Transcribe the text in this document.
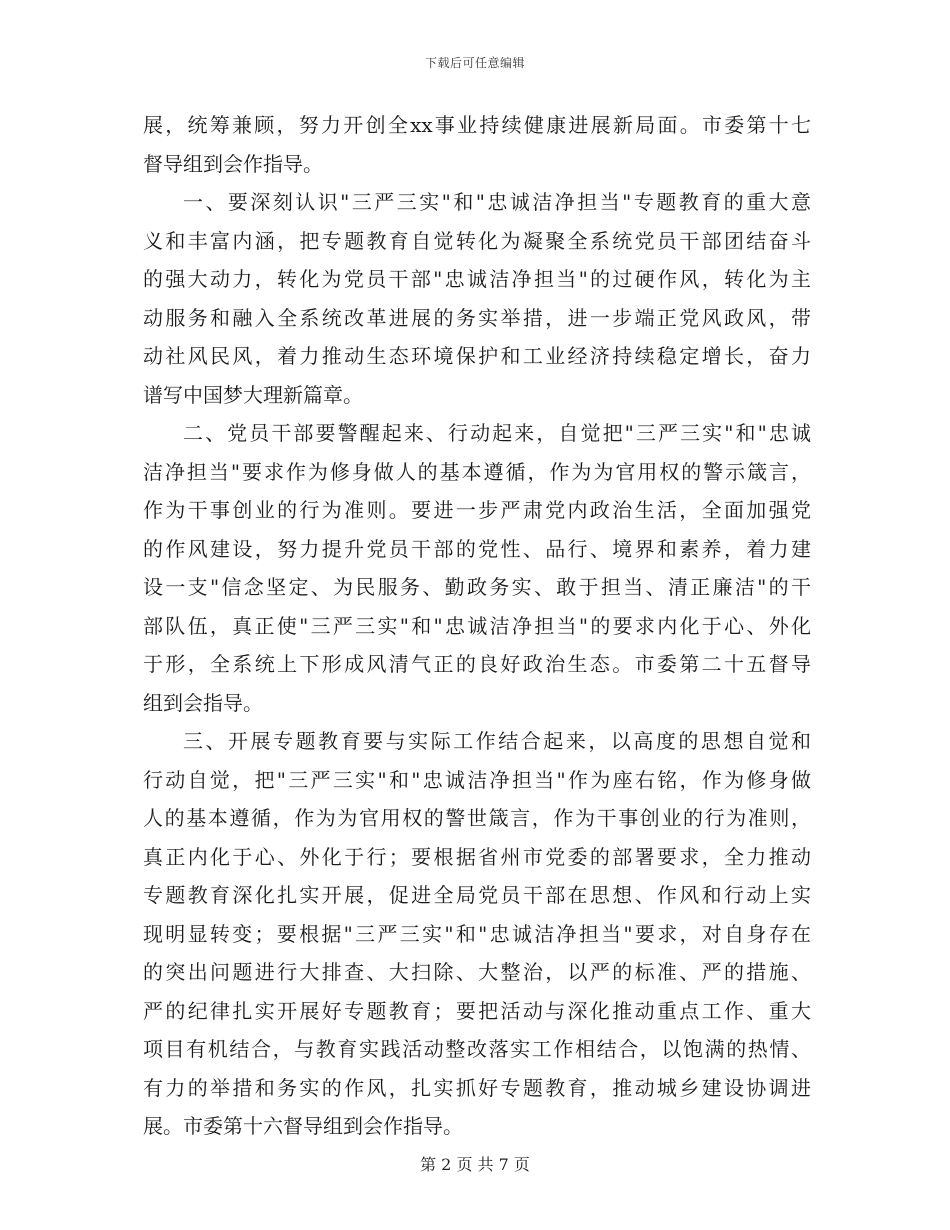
下载后可任意编辑
展，统筹兼顾，努力开创全xx事业持续健康进展新局面。市委第十七
督导组到会作指导。
一、要深刻认识"三严三实"和"忠诚洁净担当"专题教育的重大意
义和丰富内涵，把专题教育自觉转化为凝聚全系统党员干部团结奋斗
的强大动力，转化为党员干部"忠诚洁净担当"的过硬作风，转化为主
动服务和融入全系统改革进展的务实举措，进一步端正党风政风，带
动社风民风，着力推动生态环境保护和工业经济持续稳定增长，奋力
谱写中国梦大理新篇章。
二、党员干部要警醒起来、行动起来，自觉把"三严三实"和"忠诚
洁净担当"要求作为修身做人的基本遵循，作为为官用权的警示箴言，
作为干事创业的行为准则。要进一步严肃党内政治生活，全面加强党
的作风建设，努力提升党员干部的党性、品行、境界和素养，着力建
设一支"信念坚定、为民服务、勤政务实、敢于担当、清正廉洁"的干
部队伍，真正使"三严三实"和"忠诚洁净担当"的要求内化于心、外化
于形，全系统上下形成风清气正的良好政治生态。市委第二十五督导
组到会指导。
三、开展专题教育要与实际工作结合起来，以高度的思想自觉和
行动自觉，把"三严三实"和"忠诚洁净担当"作为座右铭，作为修身做
人的基本遵循，作为为官用权的警世箴言，作为干事创业的行为准则，
真正内化于心、外化于行；要根据省州市党委的部署要求，全力推动
专题教育深化扎实开展，促进全局党员干部在思想、作风和行动上实
现明显转变；要根据"三严三实"和"忠诚洁净担当"要求，对自身存在
的突出问题进行大排查、大扫除、大整治，以严的标准、严的措施、
严的纪律扎实开展好专题教育；要把活动与深化推动重点工作、重大
项目有机结合，与教育实践活动整改落实工作相结合，以饱满的热情、
有力的举措和务实的作风，扎实抓好专题教育，推动城乡建设协调进
展。市委第十六督导组到会作指导。
第 2 页 共 7 页
